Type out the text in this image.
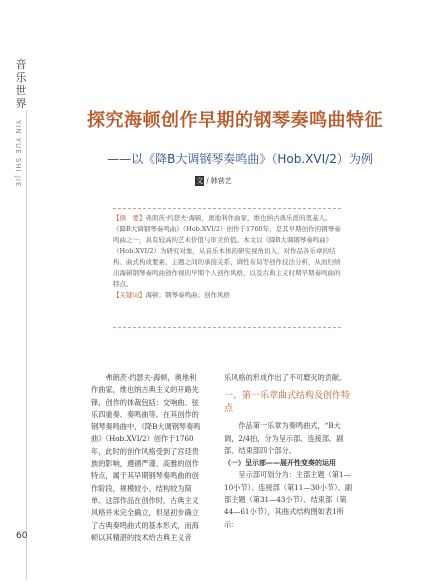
音
乐
世
界
YIN YUE SHI JIE	探究海顿创作早期的钢琴奏鸣曲特征
——以《降B大调钢琴奏鸣曲》（Hob.XVI/2）为例
文 / 韩营艺
【摘　要】弗朗茨·约瑟夫·海顿，奥地利作曲家，维也纳古典乐派的奠基人。《降B大调钢琴奏鸣曲》（Hob.XVI/2）创作于1760年，是其早期创作的钢琴奏鸣曲之一，具有较高的艺术价值与审美价值。本文以《降B大调钢琴奏鸣曲》（Hob.XVI/2）为研究对象，从音乐本体的研究视角切入，对作品各乐章的结构、曲式构成要素、主题之间的承接关系、调性布局等创作技法分析，从而归纳出海顿钢琴奏鸣曲创作视的早期个人创作风格，以及古典主义时期早期奏鸣曲的特点。
【关键词】海顿；钢琴奏鸣曲；创作风格

弗朗茨·约瑟夫·海顿，奥地利作曲家，维也纳古典主义的开路先锋，创作的体裁包括：交响曲、弦乐四重奏、奏鸣曲等。在其创作的钢琴奏鸣曲中，《降B大调钢琴奏鸣曲》（Hob.XVI/2）创作于1760年，此时的创作风格受到了宫廷贵族的影响，遵循严谨、高雅的创作特点，属于其早期钢琴奏鸣曲的创作阶段，规模较小、结构较为简单。这部作品在创作时，古典主义风格并未完全确立，但是初步确立了古典奏鸣曲式的基本形式，而海顿以其精湛的技术给古典主义音

乐风格的形成作出了不可磨灭的贡献。

一、第一乐章曲式结构及创作特点

作品第一乐章为奏鸣曲式，“B大调，2/4拍，分为呈示部、连接部、副部、结束部四个部分。

（一）呈示部——展开性变奏的运用

呈示部可划分为：主部主题（第1—10小节）、连接部（第11—30小节）、副部主题（第31—43小节）、结束部（第44—61小节），其曲式结构图如表1所示：

60
